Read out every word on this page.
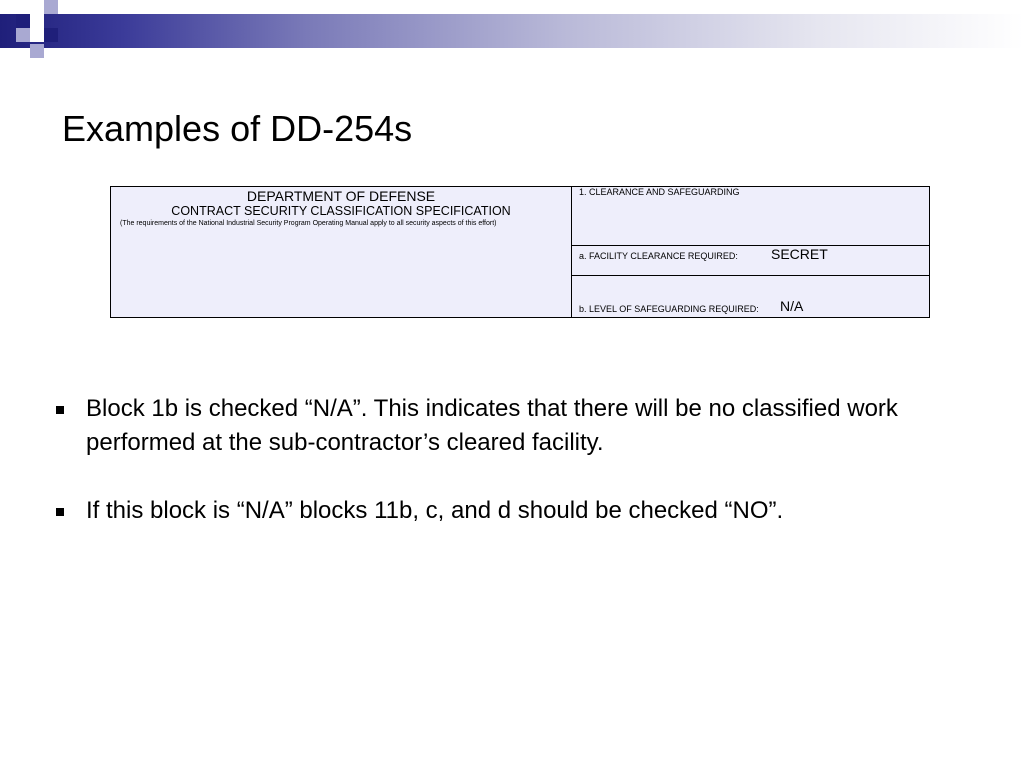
Examples of DD-254s
DEPARTMENT OF DEFENSE
CONTRACT SECURITY CLASSIFICATION SPECIFICATION
(The requirements of the National Industrial Security Program Operating Manual apply to all security aspects of this effort)
1. CLEARANCE AND SAFEGUARDING
a. FACILITY CLEARANCE REQUIRED: SECRET
b. LEVEL OF SAFEGUARDING REQUIRED: N/A
Block 1b is checked “N/A”. This indicates that there will be no classified work performed at the sub-contractor’s cleared facility.
If this block is “N/A” blocks 11b, c, and d should be checked “NO”.
